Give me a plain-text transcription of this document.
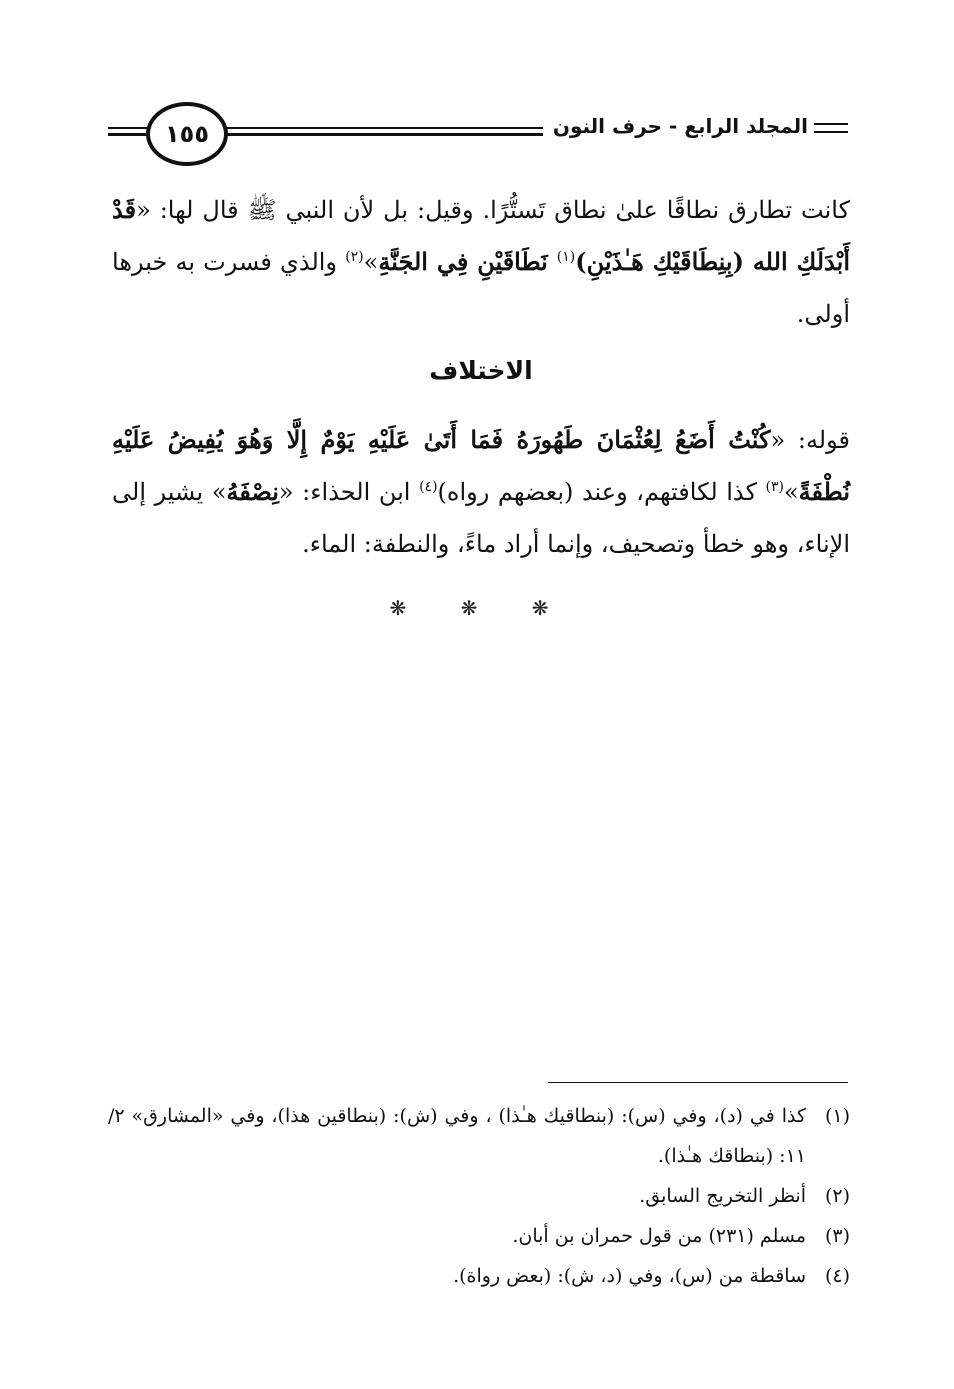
المجلد الرابع - حرف النون
١٥٥

كانت تطارق نطاقًا علىٰ نطاق تَستُّرًا. وقيل: بل لأن النبي ﷺ قال لها: «قَدْ أَبْدَلَكِ الله (بِنِطَاقَيْكِ هَـٰذَيْنِ)$^{(١)}$ نَطَاقَيْنِ فِي الجَنَّةِ»$^{(٢)}$ والذي فسرت به خبرها أولى.

الاختلاف

قوله: «كُنْتُ أَضَعُ لِعُثْمَانَ طَهُورَهُ فَمَا أَتَىٰ عَلَيْهِ يَوْمٌ إِلَّا وَهُوَ يُفِيضُ عَلَيْهِ نُطْفَةً»$^{(٣)}$ كذا لكافتهم، وعند (بعضهم رواه)$^{(٤)}$ ابن الحذاء: «نِصْفَهُ» يشير إلى الإناء، وهو خطأ وتصحيف، وإنما أراد ماءً، والنطفة: الماء.

❋ ❋ ❋
(١)
كذا في (د)، وفي (س): (بنطاقيك هـٰذا) ، وفي (ش): (بنطاقين هذا)، وفي «المشارق» ٢/ ١١: (بنطاقك هـٰذا).
(٢)
أنظر التخريج السابق.
(٣)
مسلم (٢٣١) من قول حمران بن أبان.
(٤)
ساقطة من (س)، وفي (د، ش): (بعض رواة).
